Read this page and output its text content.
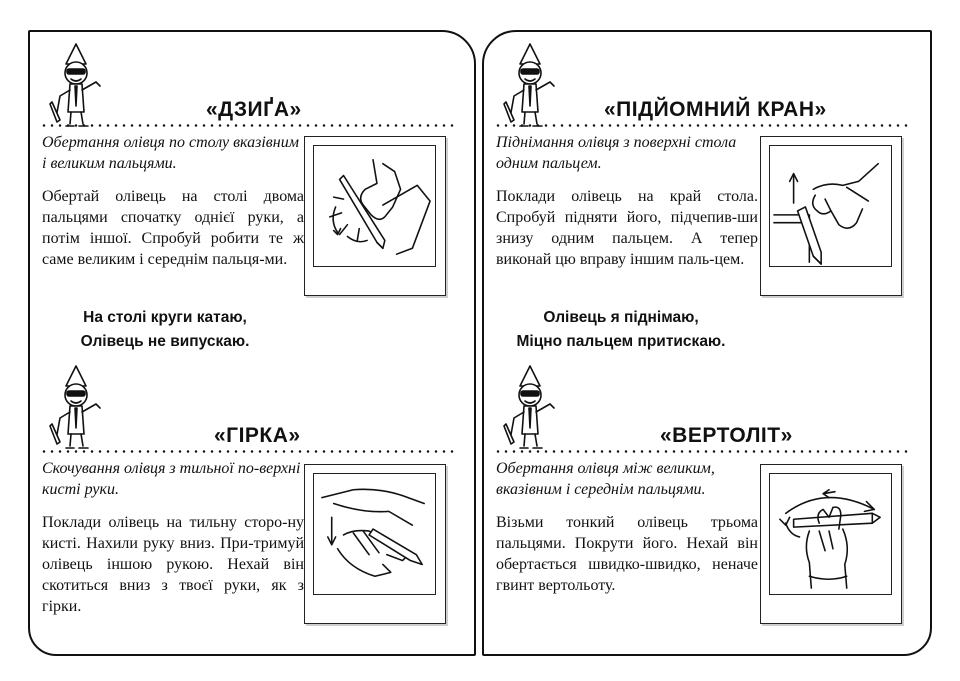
«ДЗИҐА»
Обертання олівця по столу вказівним і великим пальцями.
Обертай олівець на столі двома пальцями спочатку однієї руки, а потім іншої. Спробуй робити те ж саме великим і середнім пальця-ми.
На столі круги катаю,
Олівець не випускаю.
«ГІРКА»
Скочування олівця з тильної по-верхні кисті руки.
Поклади олівець на тильну сторо-ну кисті. Нахили руку вниз. При-тримуй олівець іншою рукою. Нехай він скотиться вниз з твоєї руки, як з гірки.
«ПІДЙОМНИЙ КРАН»
Піднімання олівця з поверхні стола одним пальцем.
Поклади олівець на край стола. Спробуй підняти його, підчепив-ши знизу одним пальцем. А тепер виконай цю вправу іншим паль-цем.
Олівець я піднімаю,
Міцно пальцем притискаю.
«ВЕРТОЛІТ»
Обертання олівця між великим, вказівним і середнім пальцями.
Візьми тонкий олівець трьома пальцями. Покрути його. Нехай він обертається швидко-швидко, неначе гвинт вертольоту.
